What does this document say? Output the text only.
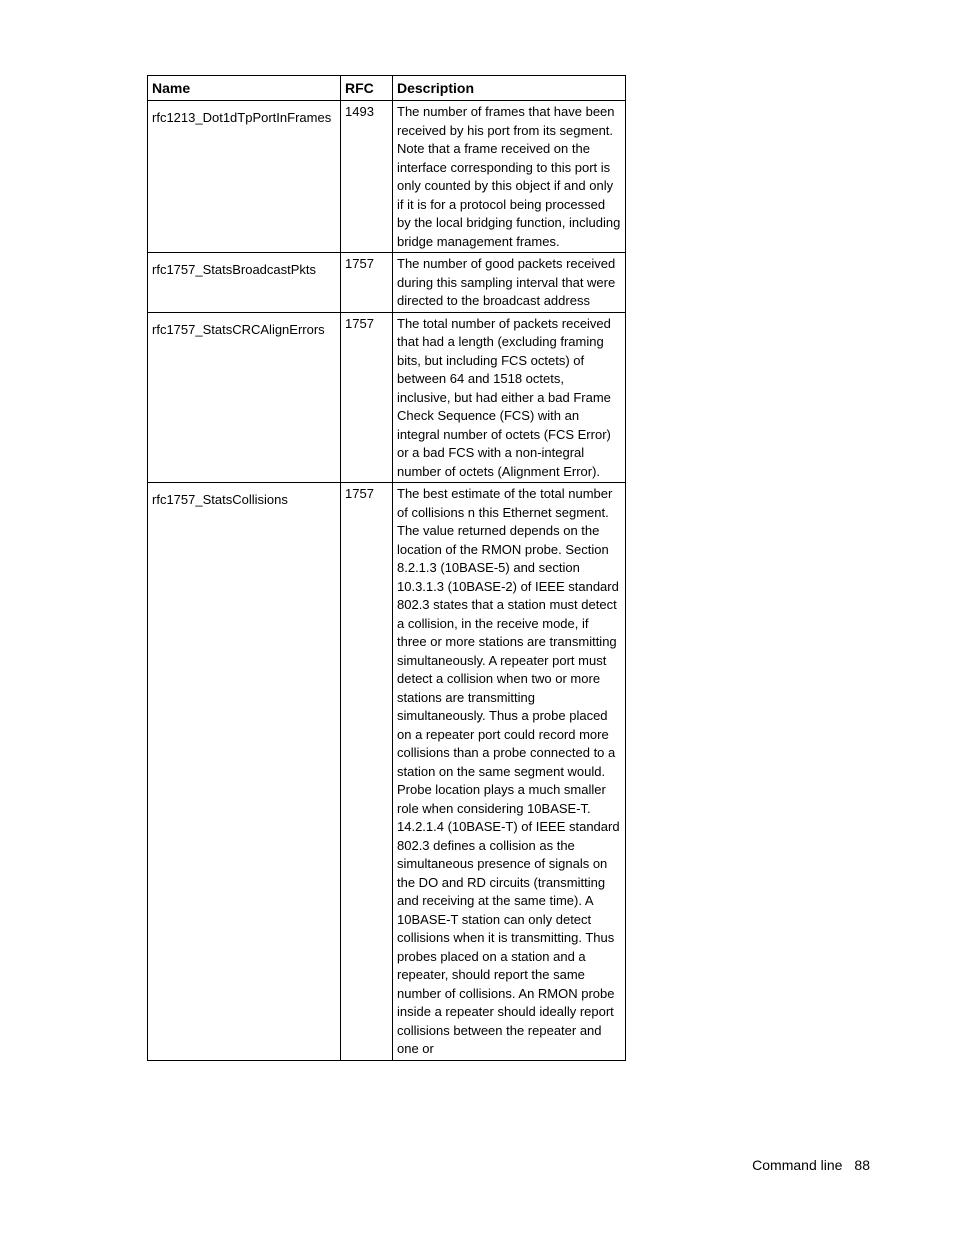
Name	RFC	Description
rfc1213_Dot1dTpPortInFrames	1493	The number of frames that have been received by his port from its segment. Note that a frame received on the interface corresponding to this port is only counted by this object if and only if it is for a protocol being processed by the local bridging function, including bridge management frames.

rfc1757_StatsBroadcastPkts	1757	The number of good packets received during this sampling interval that were directed to the broadcast address

rfc1757_StatsCRCAlignErrors	1757	The total number of packets received that had a length (excluding framing bits, but including FCS octets) of between 64 and 1518 octets, inclusive, but had either a bad Frame Check Sequence (FCS) with an integral number of octets (FCS Error) or a bad FCS with a non-integral number of octets (Alignment Error).

rfc1757_StatsCollisions	1757	The best estimate of the total number of collisions n this Ethernet segment. The value returned depends on the location of the RMON probe. Section 8.2.1.3 (10BASE-5) and section 10.3.1.3 (10BASE-2) of IEEE standard 802.3 states that a station must detect a collision, in the receive mode, if three or more stations are transmitting simultaneously. A repeater port must detect a collision when two or more stations are transmitting simultaneously. Thus a probe placed on a repeater port could record more collisions than a probe connected to a station on the same segment would.

Probe location plays a much smaller role when considering 10BASE-T. 14.2.1.4 (10BASE-T) of IEEE standard 802.3 defines a collision as the simultaneous presence of signals on the DO and RD circuits (transmitting and receiving at the same time). A 10BASE-T station can only detect collisions when it is transmitting. Thus probes placed on a station and a repeater, should report the same number of collisions. An RMON probe inside a repeater should ideally report collisions between the repeater and one or

Command line 88
